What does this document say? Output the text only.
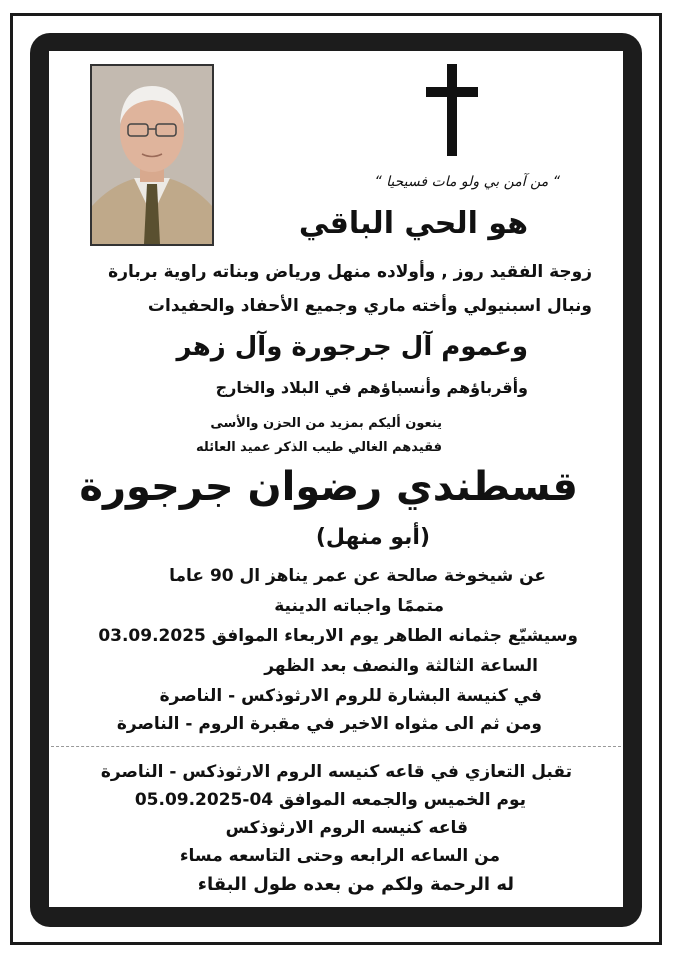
“ من آمن بي ولو مات فسيحيا “
هو الحي الباقي
زوجة الفقيد روز , وأولاده منهل ورياض وبناته راوية بربارة
ونبال اسبنيولي وأخته ماري وجميع الأحفاد والحفيدات
وعموم آل جرجورة وآل زهر
وأقرباؤهم وأنسباؤهم في البلاد والخارج
ينعون أليكم بمزيد من الحزن والأسى
فقيدهم الغالي طيب الذكر عميد العائله
قسطندي رضوان جرجورة
(أبو منهل)
عن شيخوخة صالحة عن عمر يناهز ال 90 عاما
متممًا واجباته الدينية
وسيشيّع جثمانه الطاهر يوم الاربعاء الموافق 03.09.2025
الساعة الثالثة والنصف بعد الظهر
في كنيسة البشارة للروم الارثوذكس - الناصرة
ومن ثم الى مثواه الاخير في مقبرة الروم - الناصرة
تقبل التعازي في قاعه كنيسه الروم الارثوذكس - الناصرة
يوم الخميس والجمعه الموافق 04-05.09.2025
قاعه كنيسه الروم الارثوذكس
من الساعه الرابعه وحتى التاسعه مساء
له الرحمة ولكم من بعده طول البقاء
